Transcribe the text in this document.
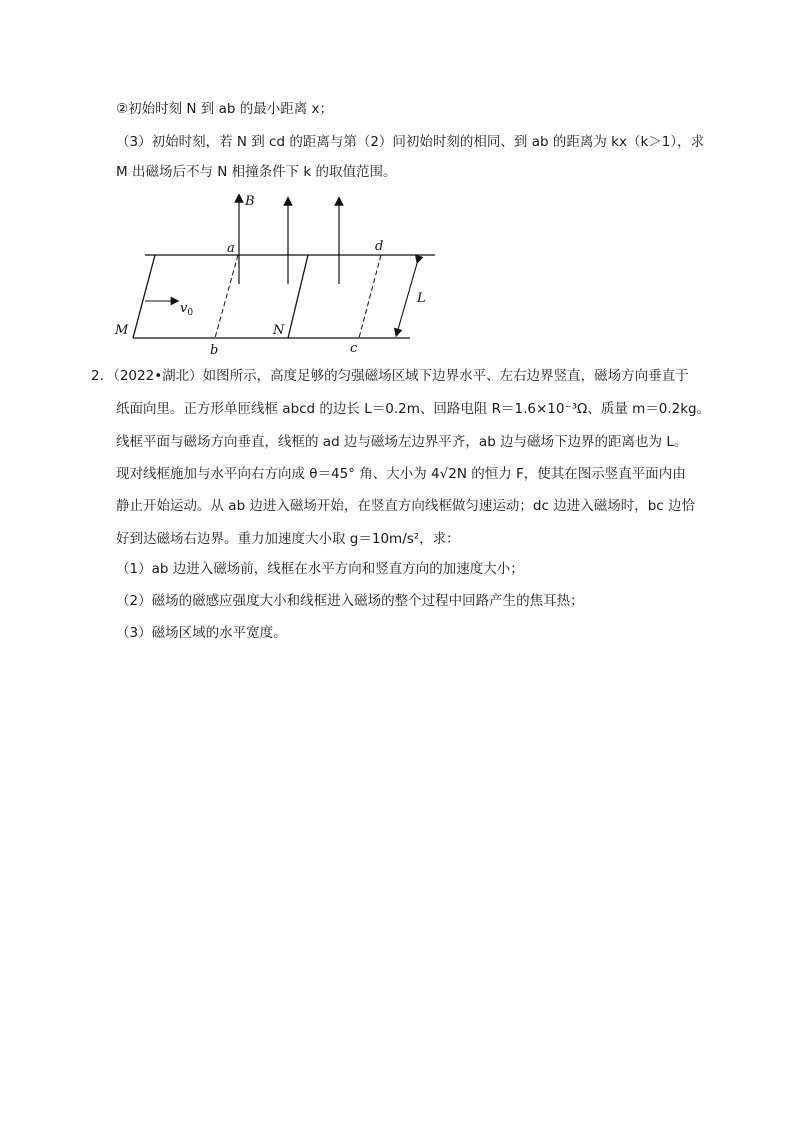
②初始时刻 N 到 ab 的最小距离 x；
（3）初始时刻，若 N 到 cd 的距离与第（2）问初始时刻的相同、到 ab 的距离为 kx（k＞1），求
M 出磁场后不与 N 相撞条件下 k 的取值范围。
B
a	d
b	c
M	N
L
$v_0$
2．（2022•湖北）如图所示，高度足够的匀强磁场区域下边界水平、左右边界竖直，磁场方向垂直于
纸面向里。正方形单匝线框 abcd 的边长 L＝0.2m、回路电阻 R＝1.6×10⁻³Ω、质量 m＝0.2kg。
线框平面与磁场方向垂直，线框的 ad 边与磁场左边界平齐，ab 边与磁场下边界的距离也为 L。
现对线框施加与水平向右方向成 θ＝45° 角、大小为 4√2N 的恒力 F，使其在图示竖直平面内由
静止开始运动。从 ab 边进入磁场开始，在竖直方向线框做匀速运动；dc 边进入磁场时，bc 边恰
好到达磁场右边界。重力加速度大小取 g＝10m/s²，求：
（1）ab 边进入磁场前，线框在水平方向和竖直方向的加速度大小；
（2）磁场的磁感应强度大小和线框进入磁场的整个过程中回路产生的焦耳热；
（3）磁场区域的水平宽度。
